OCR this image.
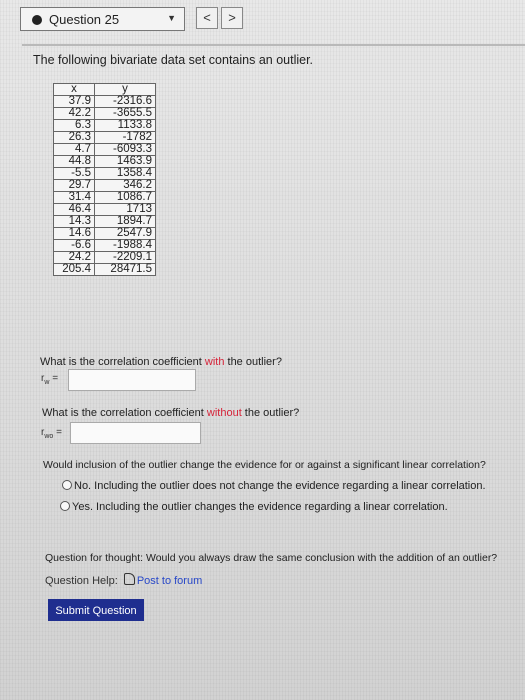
Question 25	▼	<	>
The following bivariate data set contains an outlier.
x	y
37.9	-2316.6
42.2	-3655.5
6.3	1133.8
26.3	-1782
4.7	-6093.3
44.8	1463.9
-5.5	1358.4
29.7	346.2
31.4	1086.7
46.4	1713
14.3	1894.7
14.6	2547.9
-6.6	-1988.4
24.2	-2209.1
205.4	28471.5
What is the correlation coefficient with the outlier?
$r_w$ =
What is the correlation coefficient without the outlier?
$r_{wo}$ =
Would inclusion of the outlier change the evidence for or against a significant linear correlation?
No. Including the outlier does not change the evidence regarding a linear correlation.
Yes. Including the outlier changes the evidence regarding a linear correlation.
Question for thought: Would you always draw the same conclusion with the addition of an outlier?
Question Help: Post to forum
Submit Question
